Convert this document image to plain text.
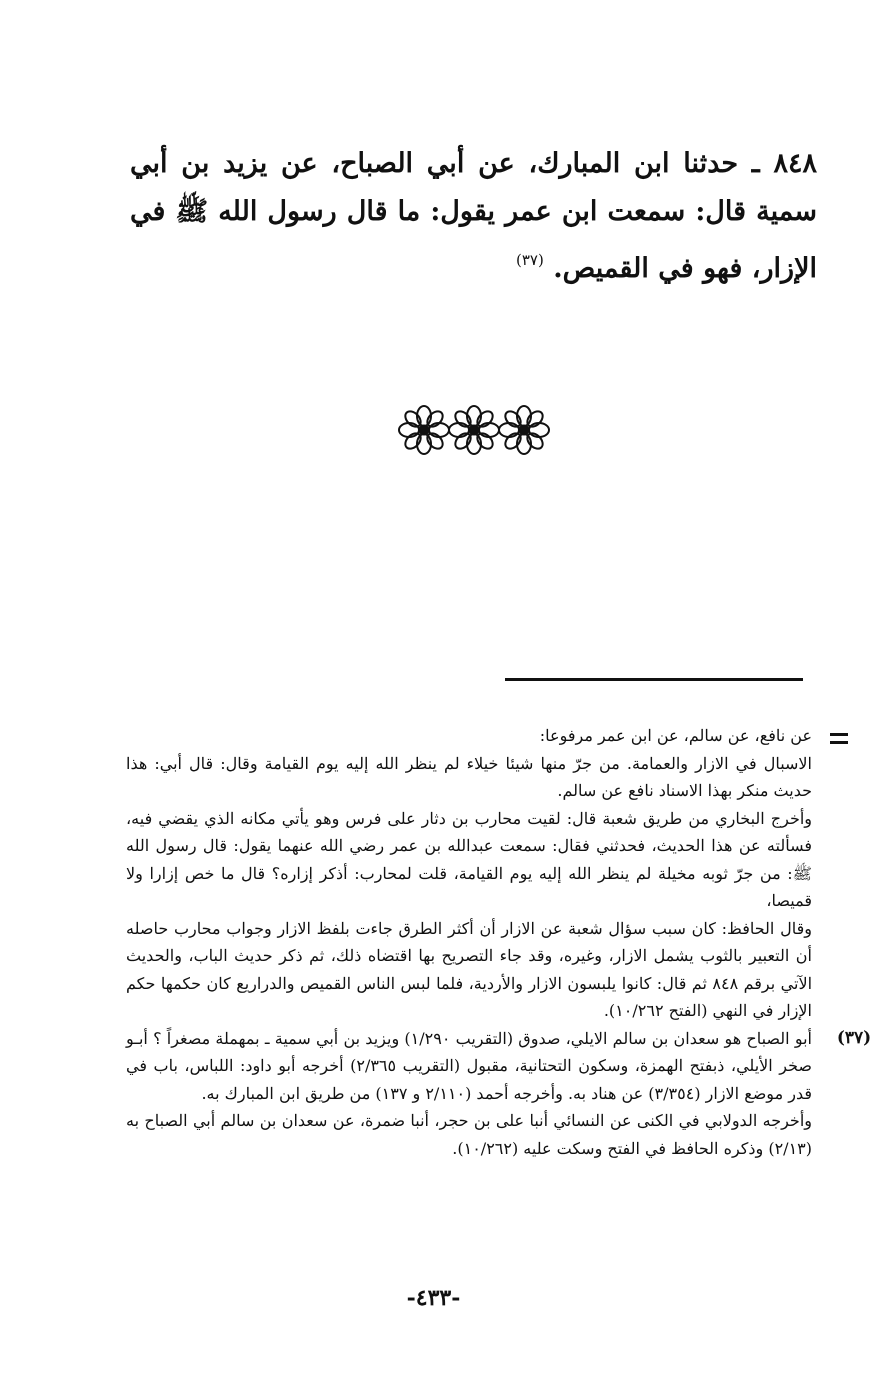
٨٤٨ ـ حدثنا ابن المبارك، عن أبي الصباح، عن يزيد بن أبي سمية قال: سمعت ابن عمر يقول: ما قال رسول الله ﷺ في الإزار، فهو في القميص. $^{(٣٧)}$

عن نافع، عن سالم، عن ابن عمر مرفوعا:

الاسبال في الازار والعمامة. من جرّ منها شيئا خيلاء لم ينظر الله إليه يوم القيامة وقال: قال أبي: هذا حديث منكر بهذا الاسناد نافع عن سالم.

وأخرج البخاري من طريق شعبة قال: لقيت محارب بن دثار على فرس وهو يأتي مكانه الذي يقضي فيه، فسألته عن هذا الحديث، فحدثني فقال: سمعت عبدالله بن عمر رضي الله عنهما يقول: قال رسول الله ﷺ: من جرّ ثوبه مخيلة لم ينظر الله إليه يوم القيامة، قلت لمحارب: أذكر إزاره؟ قال ما خص إزارا ولا قميصا،

وقال الحافظ: كان سبب سؤال شعبة عن الازار أن أكثر الطرق جاءت بلفظ الازار وجواب محارب حاصله أن التعبير بالثوب يشمل الازار، وغيره، وقد جاء التصريح بها اقتضاه ذلك، ثم ذكر حديث الباب، والحديث الآتي برقم ٨٤٨ ثم قال: كانوا يلبسون الازار والأردية، فلما لبس الناس القميص والدراريع كان حكمها حكم الإزار في النهي (الفتح ١٠/٢٦٢).

(٣٧)

أبو الصباح هو سعدان بن سالم الايلي، صدوق (التقريب ١/٢٩٠) ويزيد بن أبي سمية ـ بمهملة مصغراً ؟ أبـو صخر الأيلي، ذبفتح الهمزة، وسكون التحتانية، مقبول (التقريب ٢/٣٦٥) أخرجه أبو داود: اللباس، باب في قدر موضع الازار (٣/٣٥٤) عن هناد به. وأخرجه أحمد (٢/١١٠ و ١٣٧) من طريق ابن المبارك به.

وأخرجه الدولابي في الكنى عن النسائي أنبا على بن حجر، أنبا ضمرة، عن سعدان بن سالم أبي الصباح به (٢/١٣) وذكره الحافظ في الفتح وسكت عليه (١٠/٢٦٢).

-٤٣٣-
